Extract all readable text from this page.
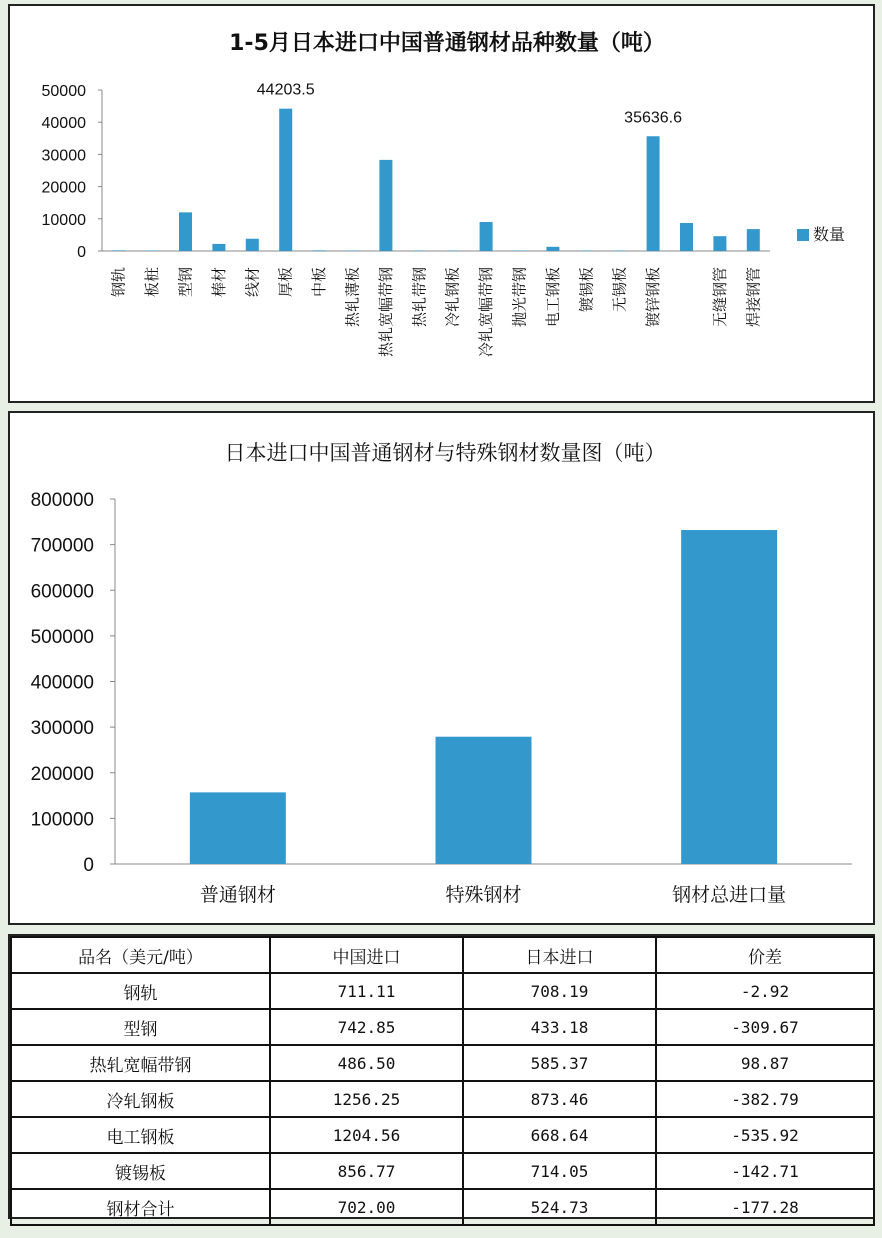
1-5月日本进口中国普通钢材品种数量（吨）
0
10000
20000
30000
40000
50000	44203.5
35636.6
钢轨 板桩 型钢 棒材 线材 厚板 中板 热轧薄板 热轧宽幅带钢 热轧带钢 冷轧钢板 冷轧宽幅带钢 抛光带钢 电工钢板 镀锡板 无锡板 镀锌钢板	无缝钢管 焊接钢管
数量
日本进口中国普通钢材与特殊钢材数量图（吨）
0
100000
200000
300000
400000
500000
600000
700000
800000
普通钢材	特殊钢材	钢材总进口量
品名（美元/吨）	中国进口	日本进口	价差
钢轨	711.11	708.19	-2.92
型钢	742.85	433.18	-309.67
热轧宽幅带钢	486.50	585.37	98.87
冷轧钢板	1256.25	873.46	-382.79
电工钢板	1204.56	668.64	-535.92
镀锡板	856.77	714.05	-142.71
钢材合计	702.00	524.73	-177.28
